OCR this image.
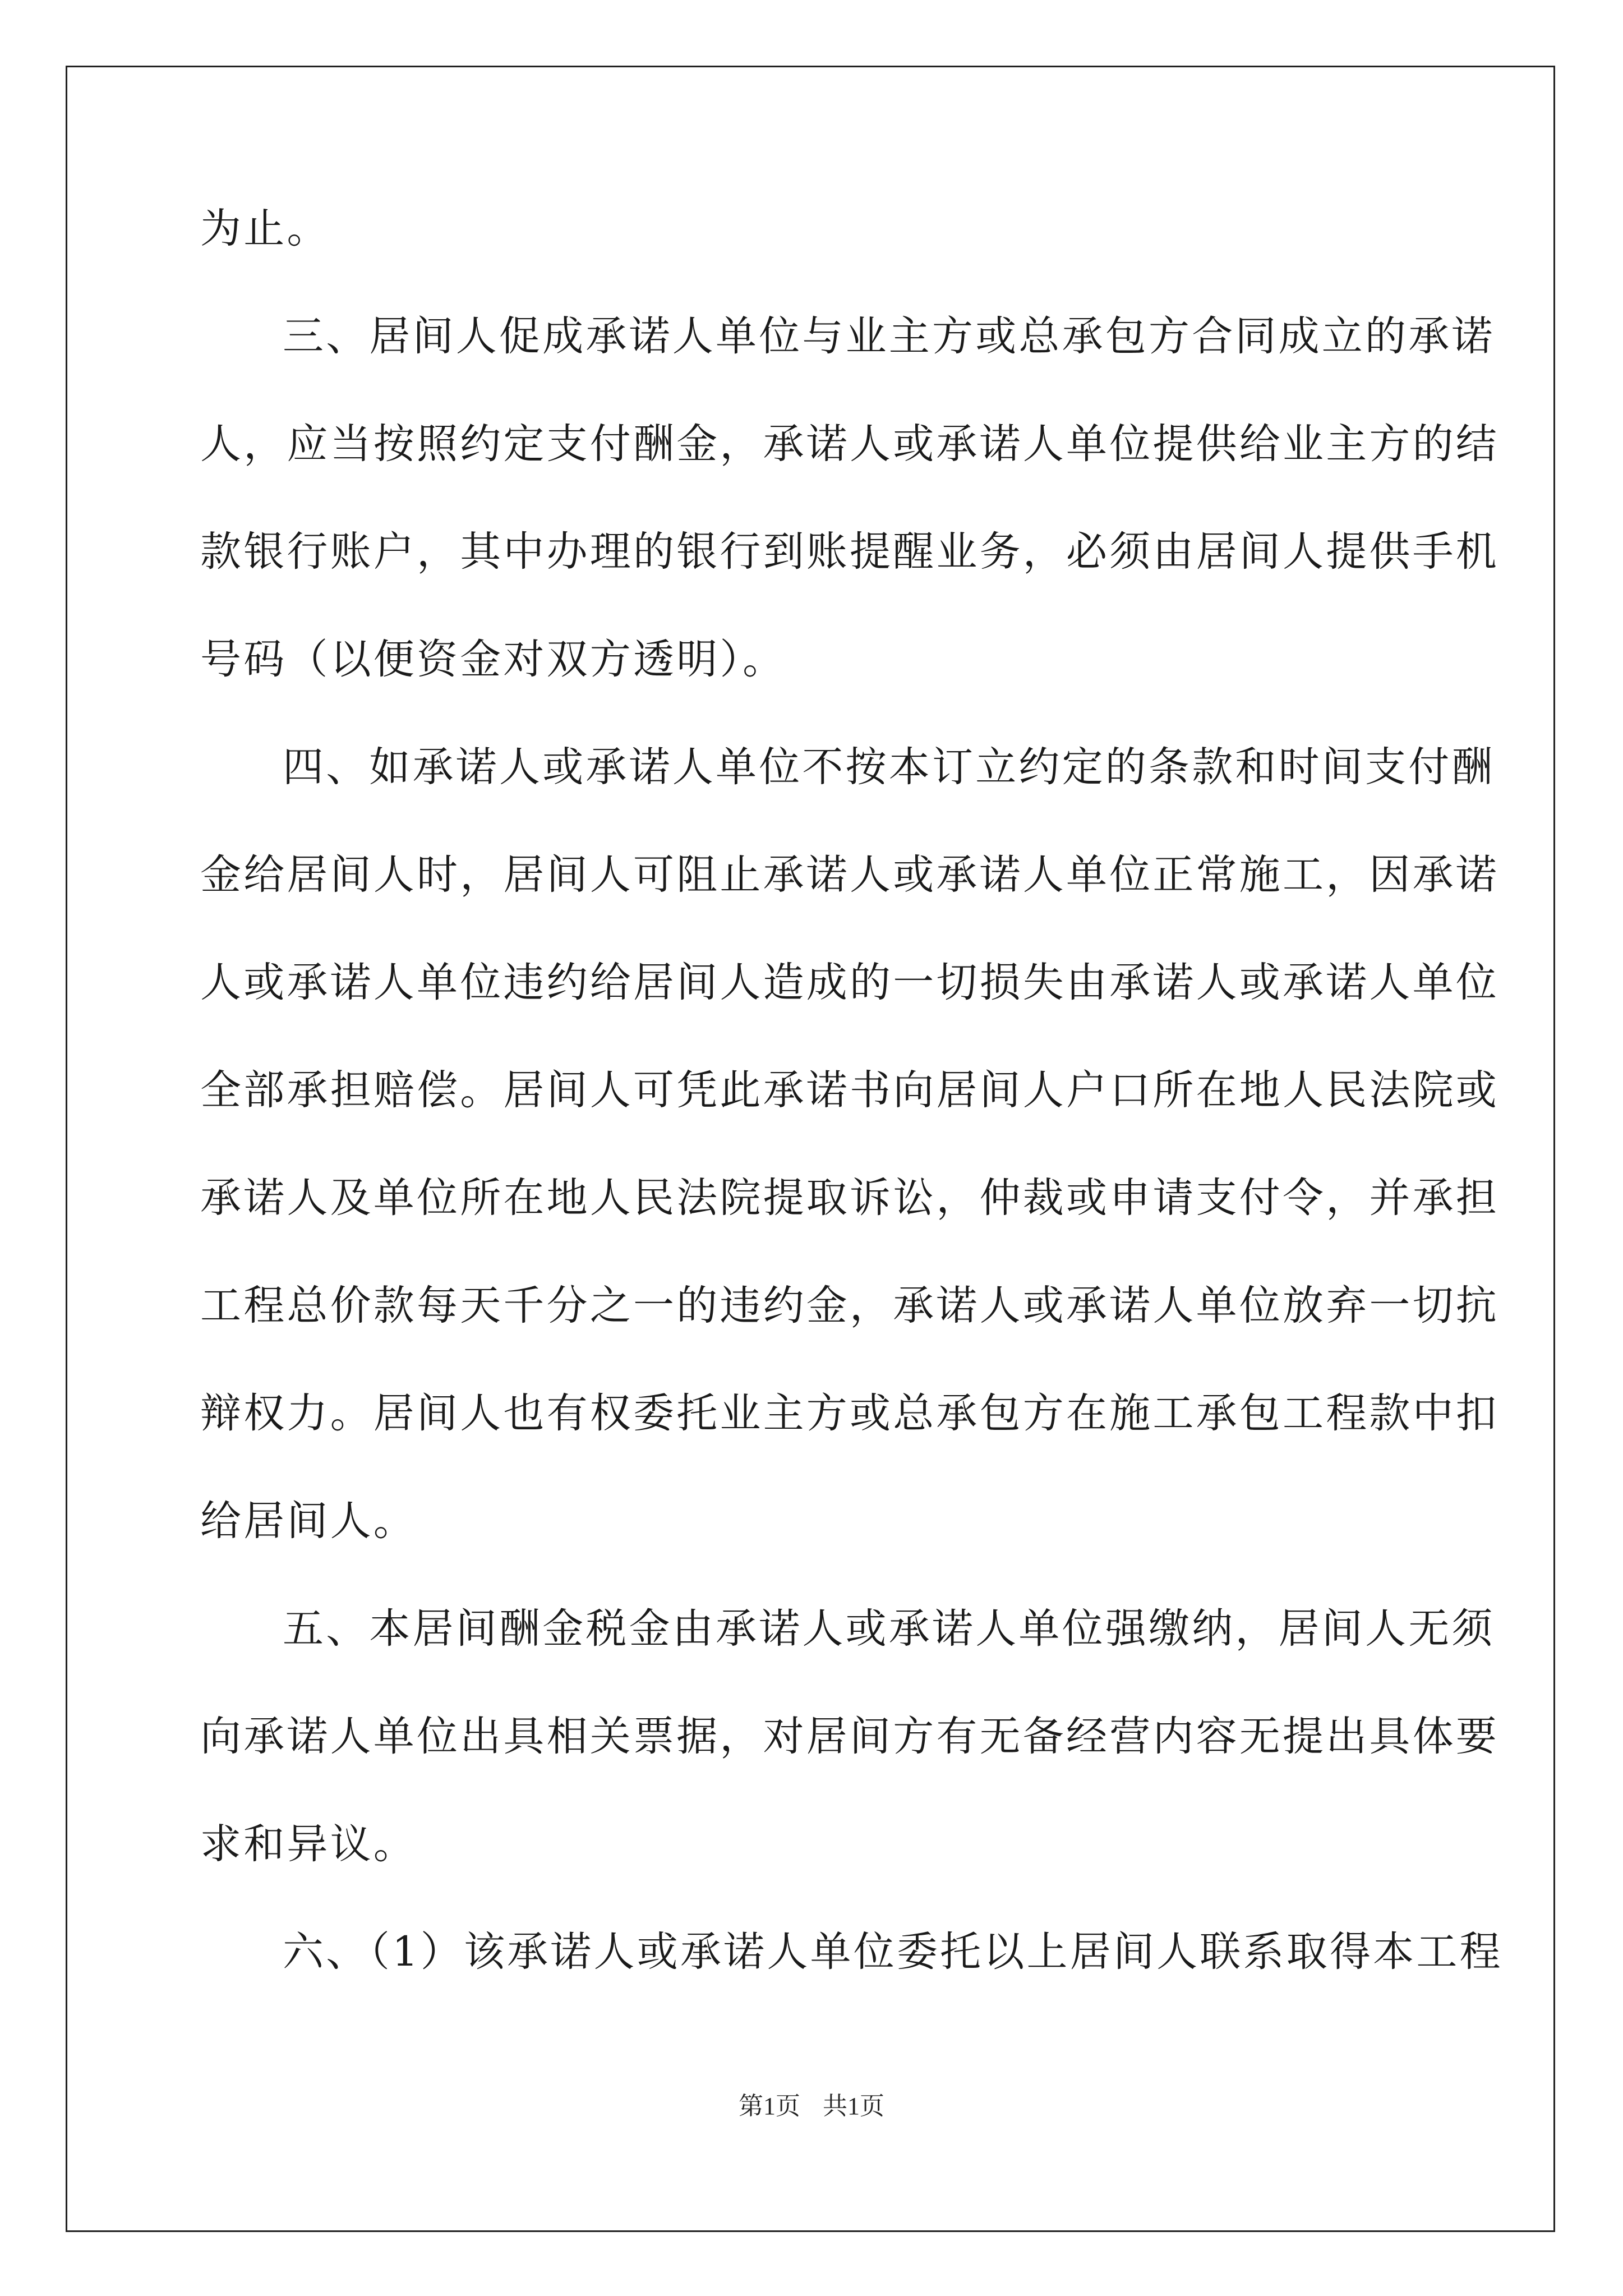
为止。
三、居间人促成承诺人单位与业主方或总承包方合同成立的承诺
人，应当按照约定支付酬金，承诺人或承诺人单位提供给业主方的结
款银行账户，其中办理的银行到账提醒业务，必须由居间人提供手机
号码（以便资金对双方透明）。
四、如承诺人或承诺人单位不按本订立约定的条款和时间支付酬
金给居间人时，居间人可阻止承诺人或承诺人单位正常施工，因承诺
人或承诺人单位违约给居间人造成的一切损失由承诺人或承诺人单位
全部承担赔偿。居间人可凭此承诺书向居间人户口所在地人民法院或
承诺人及单位所在地人民法院提取诉讼，仲裁或申请支付令，并承担
工程总价款每天千分之一的违约金，承诺人或承诺人单位放弃一切抗
辩权力。居间人也有权委托业主方或总承包方在施工承包工程款中扣
给居间人。
五、本居间酬金税金由承诺人或承诺人单位强缴纳，居间人无须
向承诺人单位出具相关票据，对居间方有无备经营内容无提出具体要
求和异议。
六、（1）该承诺人或承诺人单位委托以上居间人联系取得本工程
第1页 共1页
